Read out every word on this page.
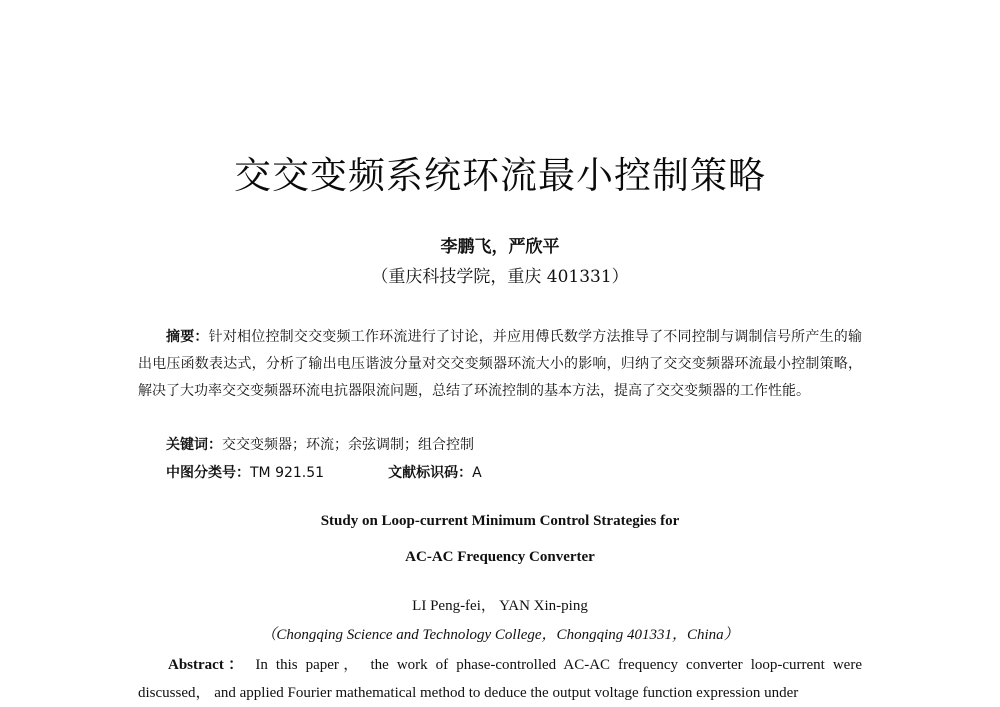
交交变频系统环流最小控制策略
李鹏飞，严欣平
（重庆科技学院，重庆 401331）
摘要：针对相位控制交交变频工作环流进行了讨论，并应用傅氏数学方法推导了不同控制与调制信号所产生的输出电压函数表达式，分析了输出电压谐波分量对交交变频器环流大小的影响，归纳了交交变频器环流最小控制策略，解决了大功率交交变频器环流电抗器限流问题，总结了环流控制的基本方法，提高了交交变频器的工作性能。
关键词：交交变频器；环流；余弦调制；组合控制
中图分类号：TM 921.51	文献标识码：A
Study on Loop-current Minimum Control Strategies for
AC-AC Frequency Converter
LI Peng-fei， YAN Xin-ping
（Chongqing Science and Technology College，Chongqing 401331，China）
Abstract： In this paper， the work of phase-controlled AC-AC frequency converter loop-current were discussed， and applied Fourier mathematical method to deduce the output voltage function expression under
